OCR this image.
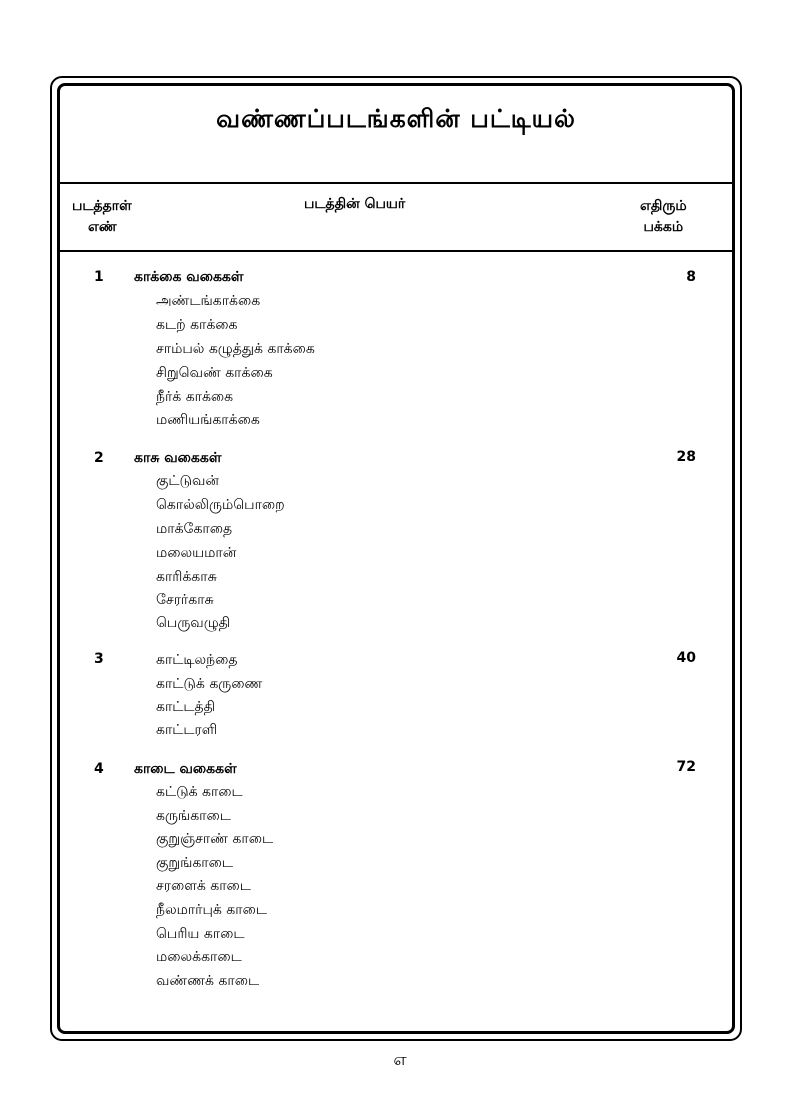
வண்ணப்படங்களின் பட்டியல்
படத்தாள்
எண்
படத்தின் பெயர்	எதிரும்
பக்கம்
1 காக்கை வகைகள்	8
அண்டங்காக்கை
கடற் காக்கை
சாம்பல் கழுத்துக் காக்கை
சிறுவெண் காக்கை
நீர்க் காக்கை
மணியங்காக்கை
2 காசு வகைகள்	28
குட்டுவன்
கொல்லிரும்பொறை
மாக்கோதை
மலையமான்
காரிக்காசு
சேரர்காசு
பெருவழுதி
3	40
காட்டிலந்தை
காட்டுக் கருணை
காட்டத்தி
காட்டரளி
4 காடை வகைகள்	72
கட்டுக் காடை
கருங்காடை
குறுஞ்சாண் காடை
குறுங்காடை
சரளைக் காடை
நீலமார்புக் காடை
பெரிய காடை
மலைக்காடை
வண்ணக் காடை

எ
